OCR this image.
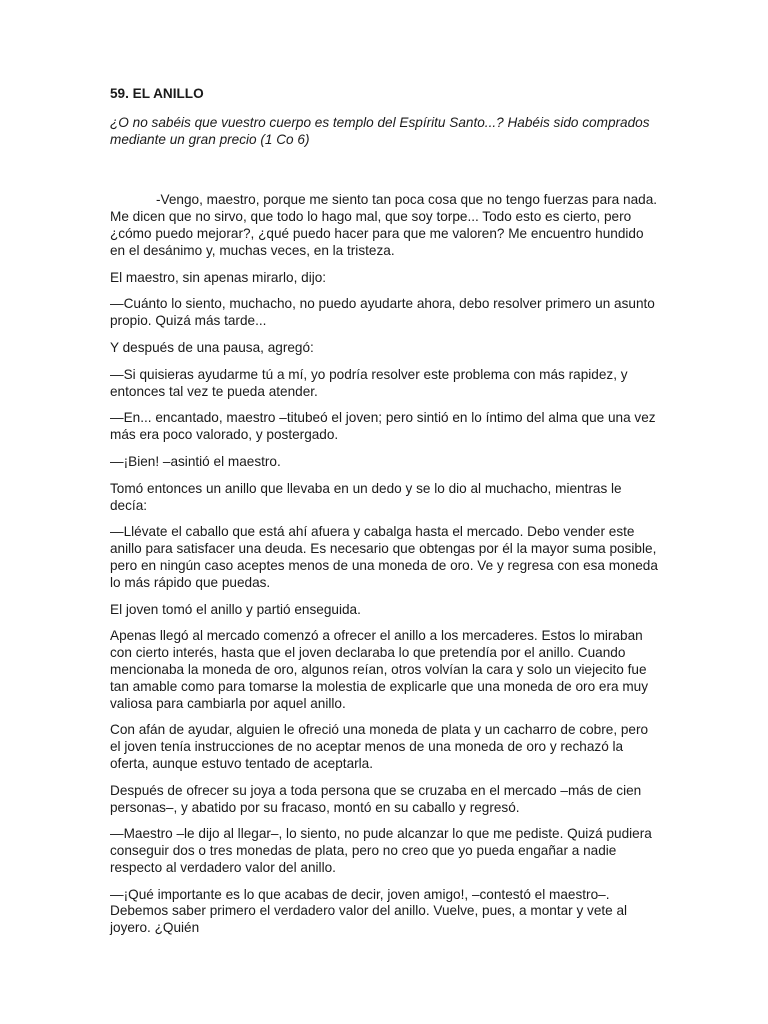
59. EL ANILLO

¿O no sabéis que vuestro cuerpo es templo del Espíritu Santo...? Habéis sido comprados mediante un gran precio (1 Co 6)

-Vengo, maestro, porque me siento tan poca cosa que no tengo fuerzas para nada. Me dicen que no sirvo, que todo lo hago mal, que soy torpe... Todo esto es cierto, pero ¿cómo puedo mejorar?, ¿qué puedo hacer para que me valoren? Me encuentro hundido en el desánimo y, muchas veces, en la tristeza.

El maestro, sin apenas mirarlo, dijo:

—Cuánto lo siento, muchacho, no puedo ayudarte ahora, debo resolver primero un asunto propio. Quizá más tarde...

Y después de una pausa, agregó:

—Si quisieras ayudarme tú a mí, yo podría resolver este problema con más rapidez, y entonces tal vez te pueda atender.

—En... encantado, maestro –titubeó el joven; pero sintió en lo íntimo del alma que una vez más era poco valorado, y postergado.

—¡Bien! –asintió el maestro.

Tomó entonces un anillo que llevaba en un dedo y se lo dio al muchacho, mientras le decía:

—Llévate el caballo que está ahí afuera y cabalga hasta el mercado. Debo vender este anillo para satisfacer una deuda. Es necesario que obtengas por él la mayor suma posible, pero en ningún caso aceptes menos de una moneda de oro. Ve y regresa con esa moneda lo más rápido que puedas.

El joven tomó el anillo y partió enseguida.

Apenas llegó al mercado comenzó a ofrecer el anillo a los mercaderes. Estos lo miraban con cierto interés, hasta que el joven declaraba lo que pretendía por el anillo. Cuando mencionaba la moneda de oro, algunos reían, otros volvían la cara y solo un viejecito fue tan amable como para tomarse la molestia de explicarle que una moneda de oro era muy valiosa para cambiarla por aquel anillo.

Con afán de ayudar, alguien le ofreció una moneda de plata y un cacharro de cobre, pero el joven tenía instrucciones de no aceptar menos de una moneda de oro y rechazó la oferta, aunque estuvo tentado de aceptarla.

Después de ofrecer su joya a toda persona que se cruzaba en el mercado –más de cien personas–, y abatido por su fracaso, montó en su caballo y regresó.

—Maestro –le dijo al llegar–, lo siento, no pude alcanzar lo que me pediste. Quizá pudiera conseguir dos o tres monedas de plata, pero no creo que yo pueda engañar a nadie respecto al verdadero valor del anillo.

—¡Qué importante es lo que acabas de decir, joven amigo!, –contestó el maestro–. Debemos saber primero el verdadero valor del anillo. Vuelve, pues, a montar y vete al joyero. ¿Quién
